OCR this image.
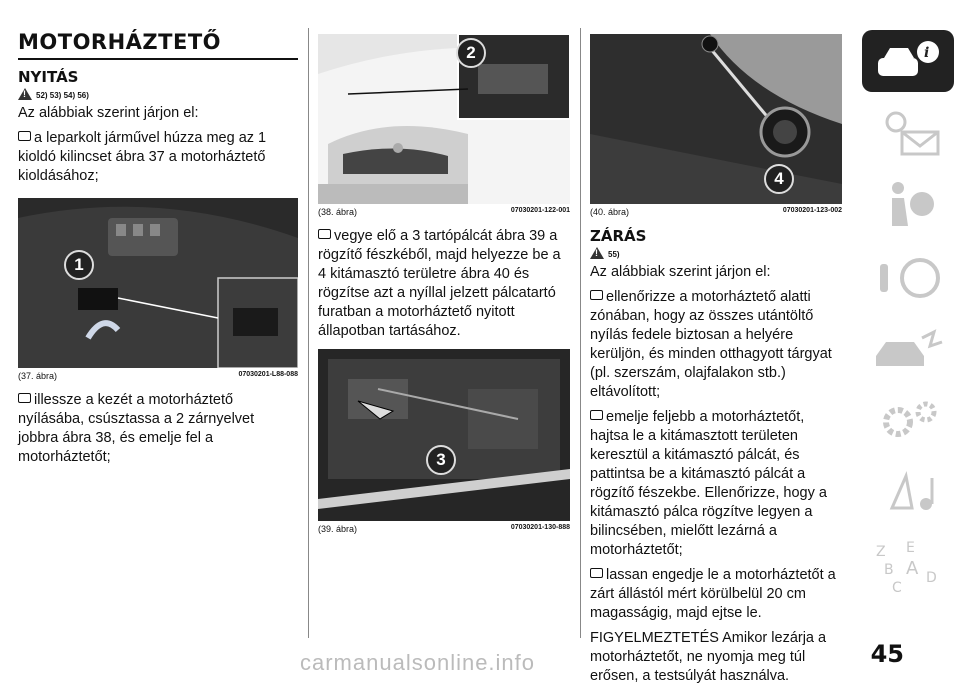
MOTORHÁZTETŐ
NYITÁS
!
52) 53) 54) 56)

Az alábbiak szerint járjon el:

a leparkolt járművel húzza meg az 1 kioldó kilincset ábra 37 a motorháztető kioldásához;

1
(37. ábra)	07030201-L88-088

illessze a kezét a motorháztető nyílásába, csúsztassa a 2 zárnyelvet jobbra ábra 38, és emelje fel a motorháztetőt;

2
(38. ábra)	07030201-122-001

vegye elő a 3 tartópálcát ábra 39 a rögzítő fészkéből, majd helyezze be a 4 kitámasztó területre ábra 40 és rögzítse azt a nyíllal jelzett pálcatartó furatban a motorháztető nyitott állapotban tartásához.

3
(39. ábra)	07030201-130-888
4
(40. ábra)	07030201-123-002
ZÁRÁS
!
55)

Az alábbiak szerint járjon el:

ellenőrizze a motorháztető alatti zónában, hogy az összes utántöltő nyílás fedele biztosan a helyére kerüljön, és minden otthagyott tárgyat (pl. szerszám, olajfalakon stb.) eltávolított;

emelje feljebb a motorháztetőt, hajtsa le a kitámasztott területen keresztül a kitámasztó pálcát, és pattintsa be a kitámasztó pálcát a rögzítő fészekbe. Ellenőrizze, hogy a kitámasztó pálca rögzítve legyen a bilincsében, mielőtt lezárná a motorháztetőt;

lassan engedje le a motorháztetőt a zárt állástól mért körülbelül 20 cm magasságig, majd ejtse le.

FIGYELMEZTETÉS Amikor lezárja a motorháztetőt, ne nyomja meg túl erősen, a testsúlyát használva.

i
Z E
B A D
C
45
carmanualsonline.info
